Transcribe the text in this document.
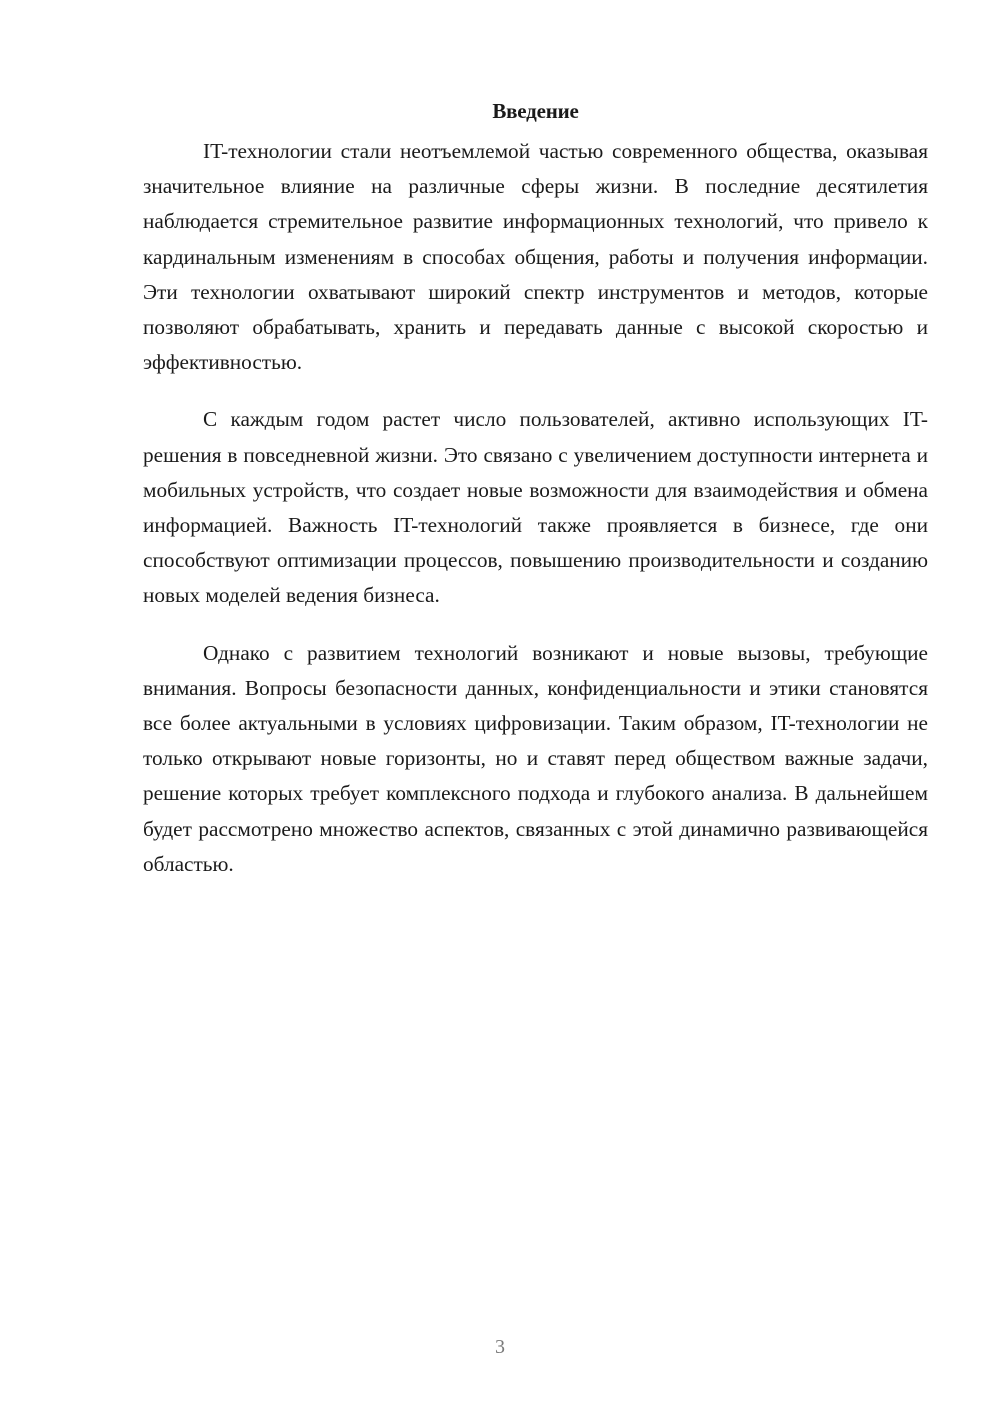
Введение

IT-технологии стали неотъемлемой частью современного общества, оказывая значительное влияние на различные сферы жизни. В последние десятилетия наблюдается стремительное развитие информационных технологий, что привело к кардинальным изменениям в способах общения, работы и получения информации. Эти технологии охватывают широкий спектр инструментов и методов, которые позволяют обрабатывать, хранить и передавать данные с высокой скоростью и эффективностью.

С каждым годом растет число пользователей, активно использующих IT-решения в повседневной жизни. Это связано с увеличением доступности интернета и мобильных устройств, что создает новые возможности для взаимодействия и обмена информацией. Важность IT-технологий также проявляется в бизнесе, где они способствуют оптимизации процессов, повышению производительности и созданию новых моделей ведения бизнеса.

Однако с развитием технологий возникают и новые вызовы, требующие внимания. Вопросы безопасности данных, конфиденциальности и этики становятся все более актуальными в условиях цифровизации. Таким образом, IT-технологии не только открывают новые горизонты, но и ставят перед обществом важные задачи, решение которых требует комплексного подхода и глубокого анализа. В дальнейшем будет рассмотрено множество аспектов, связанных с этой динамично развивающейся областью.

3
